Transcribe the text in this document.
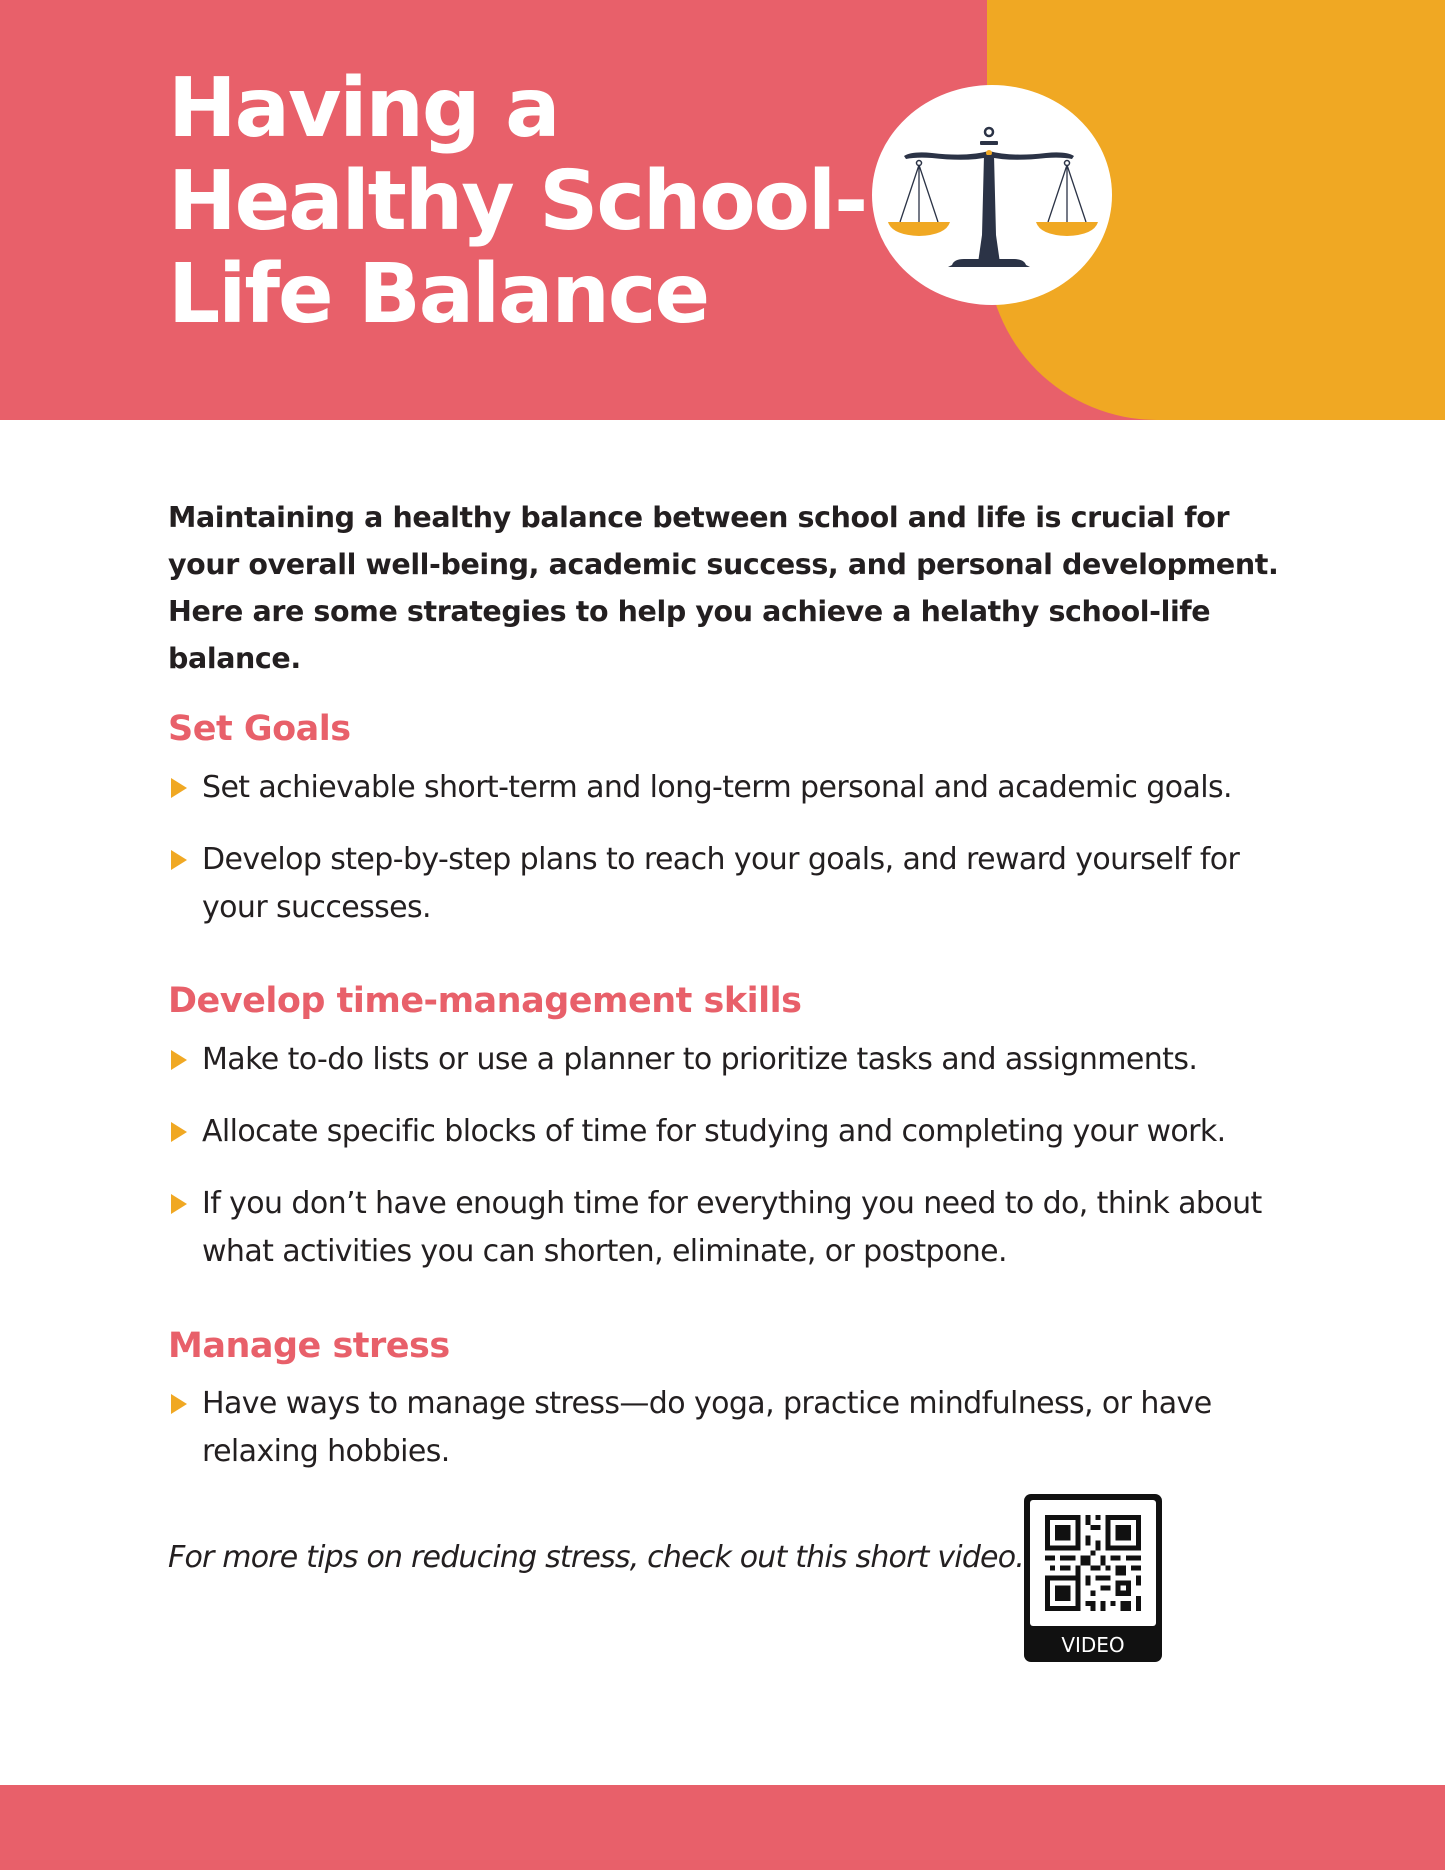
Having a
Healthy School-
Life Balance

Maintaining a healthy balance between school and life is crucial for your overall well-being, academic success, and personal development. Here are some strategies to help you achieve a helathy school-life balance.

Set Goals
Set achievable short-term and long-term personal and academic goals.
Develop step-by-step plans to reach your goals, and reward yourself for your successes.
Develop time-management skills
Make to-do lists or use a planner to prioritize tasks and assignments.
Allocate specific blocks of time for studying and completing your work.
If you don’t have enough time for everything you need to do, think about what activities you can shorten, eliminate, or postpone.
Manage stress
Have ways to manage stress—do yoga, practice mindfulness, or have relaxing hobbies.

For more tips on reducing stress, check out this short video.

VIDEO
